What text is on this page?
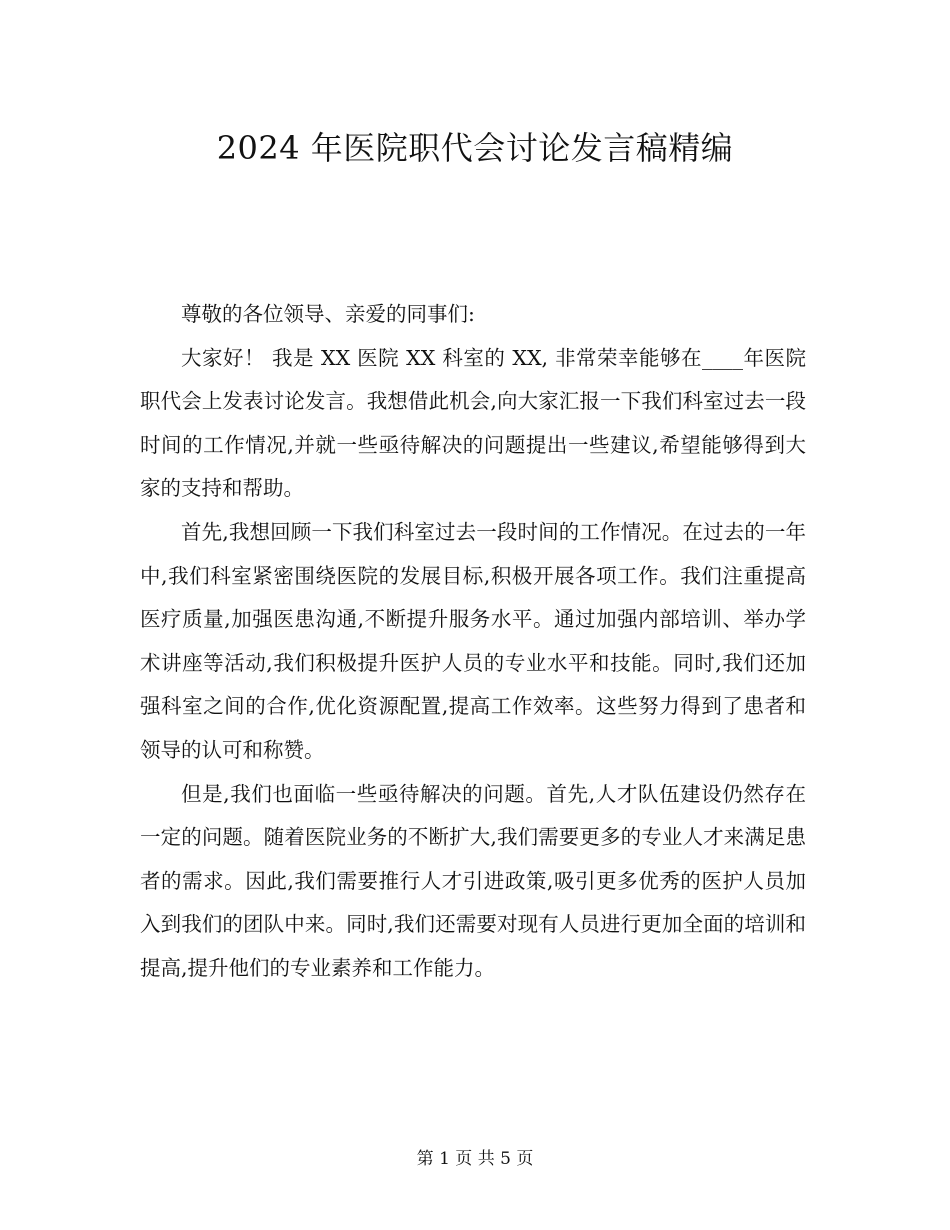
2024 年医院职代会讨论发言稿精编

尊敬的各位领导、亲爱的同事们:

大家好！ 我是 XX 医院 XX 科室的 XX, 非常荣幸能够在____年医院职代会上发表讨论发言。我想借此机会,向大家汇报一下我们科室过去一段时间的工作情况,并就一些亟待解决的问题提出一些建议,希望能够得到大家的支持和帮助。

首先,我想回顾一下我们科室过去一段时间的工作情况。在过去的一年中,我们科室紧密围绕医院的发展目标,积极开展各项工作。我们注重提高医疗质量,加强医患沟通,不断提升服务水平。通过加强内部培训、举办学术讲座等活动,我们积极提升医护人员的专业水平和技能。同时,我们还加强科室之间的合作,优化资源配置,提高工作效率。这些努力得到了患者和领导的认可和称赞。

但是,我们也面临一些亟待解决的问题。首先,人才队伍建设仍然存在一定的问题。随着医院业务的不断扩大,我们需要更多的专业人才来满足患者的需求。因此,我们需要推行人才引进政策,吸引更多优秀的医护人员加入到我们的团队中来。同时,我们还需要对现有人员进行更加全面的培训和提高,提升他们的专业素养和工作能力。

第 1 页 共 5 页
